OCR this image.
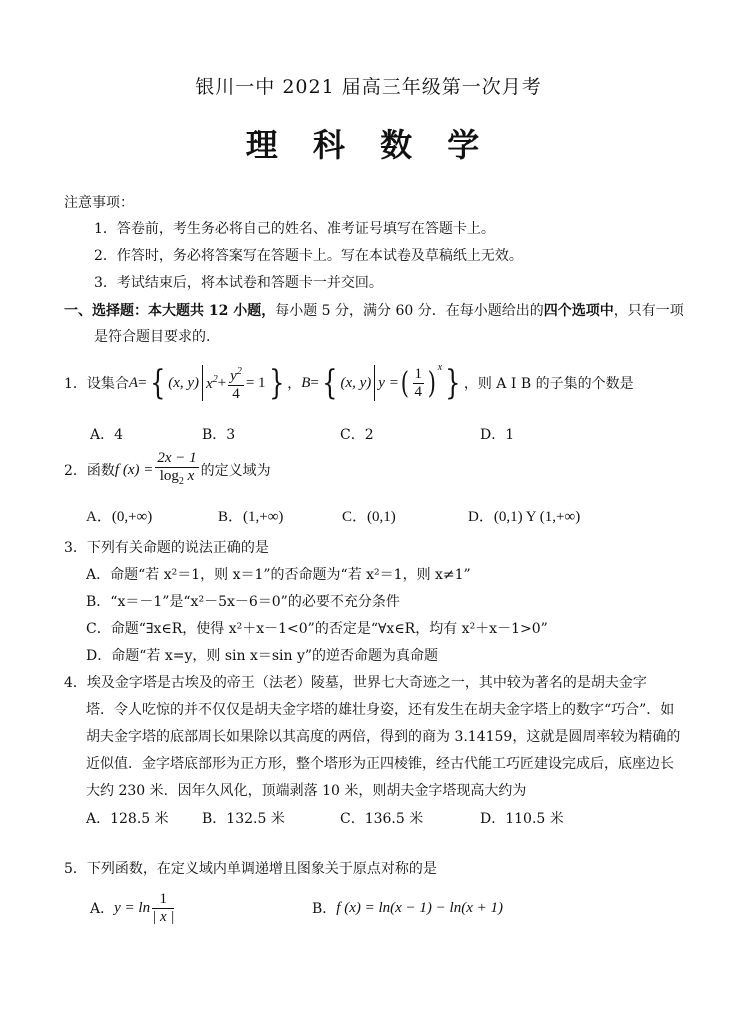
银川一中 2021 届高三年级第一次月考
理 科 数 学
注意事项：
1．答卷前，考生务必将自己的姓名、准考证号填写在答题卡上。
2．作答时，务必将答案写在答题卡上。写在本试卷及草稿纸上无效。
3．考试结束后，将本试卷和答题卡一并交回。
一、选择题：本大题共 12 小题，每小题 5 分，满分 60 分．在每小题给出的四个选项中，只有一项
是符合题目要求的.
1．设集合 A = { (x, y) $x^2 + \frac{y^2}{4} = 1$ } ， B = { (x, y) y = ( $\frac{1}{4}$ ) x } ，则 A I B 的子集的个数是
A．4	B．3	C．2	D．1
2．函数 f $(x) = \frac{2x - 1}{\log_2 x}$ 的定义域为
A．(0,+∞)	B．(1,+∞)	C．(0,1)	D．(0,1) Y (1,+∞)
3．下列有关命题的说法正确的是
A．命题“若 x²＝1，则 x＝1”的否命题为“若 x²＝1，则 x≠1”
B．“x＝－1”是“x²－5x－6＝0”的必要不充分条件
C．命题“∃x∈R，使得 x²＋x－1<0”的否定是“∀x∈R，均有 x²＋x－1>0”
D．命题“若 x=y，则 sin x＝sin y”的逆否命题为真命题
4．埃及金字塔是古埃及的帝王（法老）陵墓，世界七大奇迹之一，其中较为著名的是胡夫金字
塔．令人吃惊的并不仅仅是胡夫金字塔的雄壮身姿，还有发生在胡夫金字塔上的数字“巧合”．如
胡夫金字塔的底部周长如果除以其高度的两倍，得到的商为 3.14159，这就是圆周率较为精确的
近似值．金字塔底部形为正方形，整个塔形为正四棱锥，经古代能工巧匠建设完成后，底座边长
大约 230 米．因年久风化，顶端剥落 10 米，则胡夫金字塔现高大约为
A．128.5 米 B．132.5 米	C．136.5 米	D．110.5 米
5．下列函数，在定义域内单调递增且图象关于原点对称的是
A． $y = \ln \frac{1}{| x |}$	B． f (x) = ln(x − 1) − ln(x + 1)
